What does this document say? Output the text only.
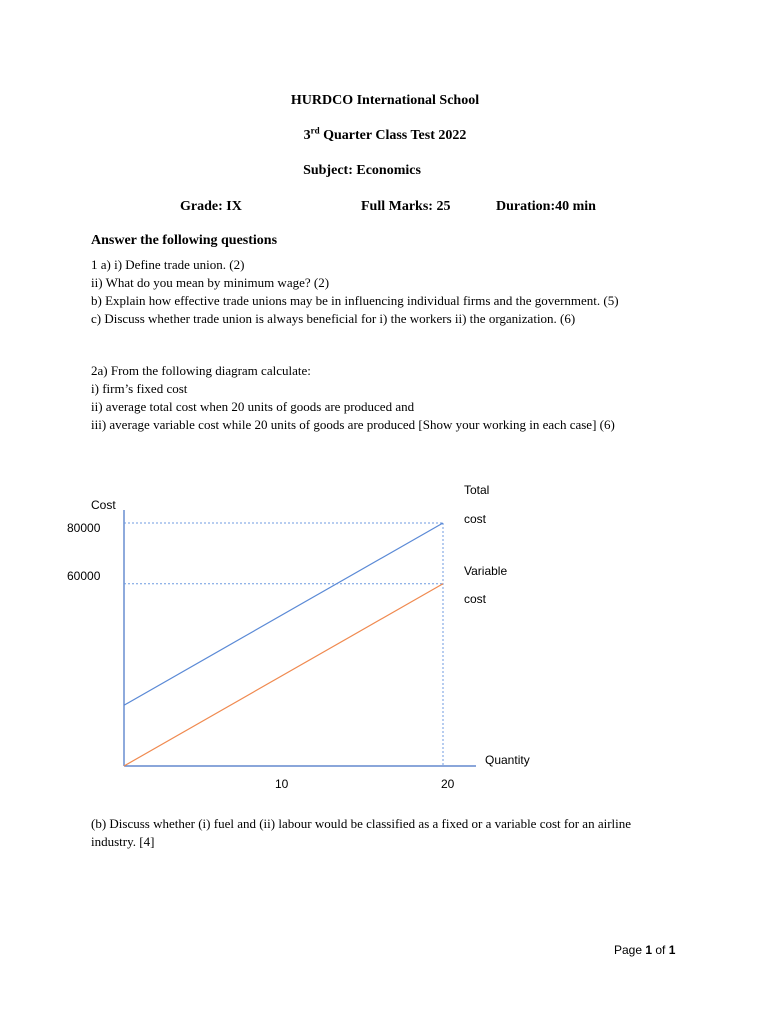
HURDCO International School
3rd Quarter Class Test 2022
Subject: Economics
Grade: IX	Full Marks: 25	Duration:40 min
Answer the following questions
1 a) i) Define trade union. (2)
ii) What do you mean by minimum wage? (2)
b) Explain how effective trade unions may be in influencing individual firms and the government. (5)
c) Discuss whether trade union is always beneficial for i) the workers ii) the organization. (6)
2a) From the following diagram calculate:
i) firm’s fixed cost
ii) average total cost when 20 units of goods are produced and
iii) average variable cost while 20 units of goods are produced [Show your working in each case] (6)
Cost
80000
60000
10	20
Quantity
Total
cost
Variable
cost
(b) Discuss whether (i) fuel and (ii) labour would be classified as a fixed or a variable cost for an airline
industry. [4]
Page 1 of 1
